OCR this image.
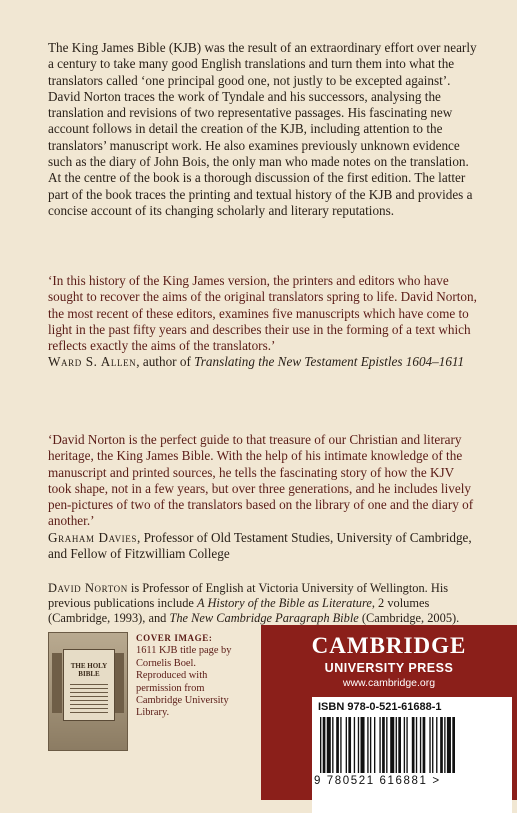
The King James Bible (KJB) was the result of an extraordinary effort over nearly a century to take many good English translations and turn them into what the translators called ‘one principal good one, not justly to be excepted against’. David Norton traces the work of Tyndale and his successors, analysing the translation and revisions of two representative passages. His fascinating new account follows in detail the creation of the KJB, including attention to the translators’ manuscript work. He also examines previously unknown evidence such as the diary of John Bois, the only man who made notes on the translation. At the centre of the book is a thorough discussion of the first edition. The latter part of the book traces the printing and textual history of the KJB and provides a concise account of its changing scholarly and literary reputations.

‘In this history of the King James version, the printers and editors who have sought to recover the aims of the original translators spring to life. David Norton, the most recent of these editors, examines five manuscripts which have come to light in the past fifty years and describes their use in the forming of a text which reflects exactly the aims of the translators.’
Ward S. Allen, author of Translating the New Testament Epistles 1604–1611
‘David Norton is the perfect guide to that treasure of our Christian and literary heritage, the King James Bible. With the help of his intimate knowledge of the manuscript and printed sources, he tells the fascinating story of how the KJV took shape, not in a few years, but over three generations, and he includes lively pen-pictures of two of the translators based on the library of one and the diary of another.’
Graham Davies, Professor of Old Testament Studies, University of Cambridge, and Fellow of Fitzwilliam College

David Norton is Professor of English at Victoria University of Wellington. His previous publications include A History of the Bible as Literature, 2 volumes (Cambridge, 1993), and The New Cambridge Paragraph Bible (Cambridge, 2005).

THE HOLY BIBLE
COVER IMAGE:
1611 KJB title page by Cornelis Boel. Reproduced with permission from Cambridge University Library.
CAMBRIDGE
UNIVERSITY PRESS
www.cambridge.org
ISBN 978-0-521-61688-1
9 780521 616881 >
